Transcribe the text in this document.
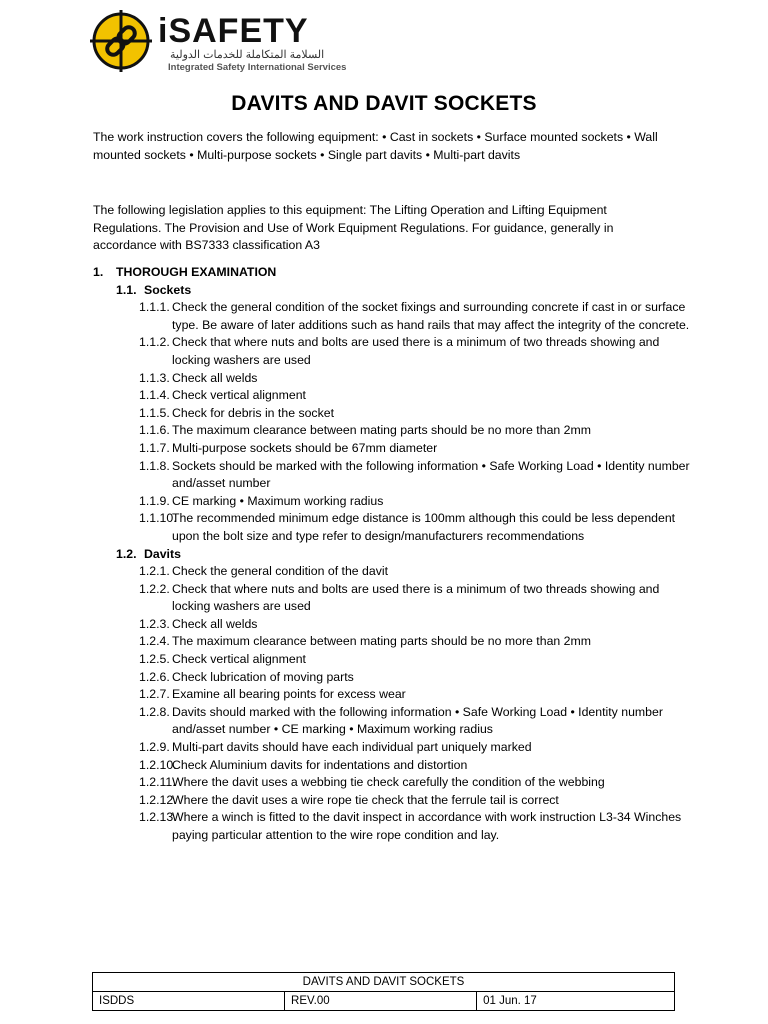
iSAFETY
السلامة المتكاملة للخدمات الدولية
Integrated Safety International Services
DAVITS AND DAVIT SOCKETS
The work instruction covers the following equipment: • Cast in sockets • Surface mounted sockets • Wall mounted sockets • Multi-purpose sockets • Single part davits • Multi-part davits
The following legislation applies to this equipment: The Lifting Operation and Lifting Equipment Regulations. The Provision and Use of Work Equipment Regulations. For guidance, generally in accordance with BS7333 classification A3
1. THOROUGH EXAMINATION
1.1. Sockets
1.1.1. Check the general condition of the socket fixings and surrounding concrete if cast in or surface type. Be aware of later additions such as hand rails that may affect the integrity of the concrete.
1.1.2. Check that where nuts and bolts are used there is a minimum of two threads showing and locking washers are used
1.1.3. Check all welds
1.1.4. Check vertical alignment
1.1.5. Check for debris in the socket
1.1.6. The maximum clearance between mating parts should be no more than 2mm
1.1.7. Multi-purpose sockets should be 67mm diameter
1.1.8. Sockets should be marked with the following information • Safe Working Load • Identity number and/asset number
1.1.9. CE marking • Maximum working radius
1.1.10.
The recommended minimum edge distance is 100mm although this could be less dependent upon the bolt size and type refer to design/manufacturers recommendations
1.2. Davits
1.2.1. Check the general condition of the davit
1.2.2. Check that where nuts and bolts are used there is a minimum of two threads showing and locking washers are used
1.2.3. Check all welds
1.2.4. The maximum clearance between mating parts should be no more than 2mm
1.2.5. Check vertical alignment
1.2.6. Check lubrication of moving parts
1.2.7. Examine all bearing points for excess wear
1.2.8. Davits should marked with the following information • Safe Working Load • Identity number and/asset number • CE marking • Maximum working radius
1.2.9. Multi-part davits should have each individual part uniquely marked
1.2.10.
Check Aluminium davits for indentations and distortion
1.2.11.
Where the davit uses a webbing tie check carefully the condition of the webbing
1.2.12.
Where the davit uses a wire rope tie check that the ferrule tail is correct
1.2.13.
Where a winch is fitted to the davit inspect in accordance with work instruction L3-34 Winches paying particular attention to the wire rope condition and lay.
DAVITS AND DAVIT SOCKETS
ISDDS	REV.00	01 Jun. 17
